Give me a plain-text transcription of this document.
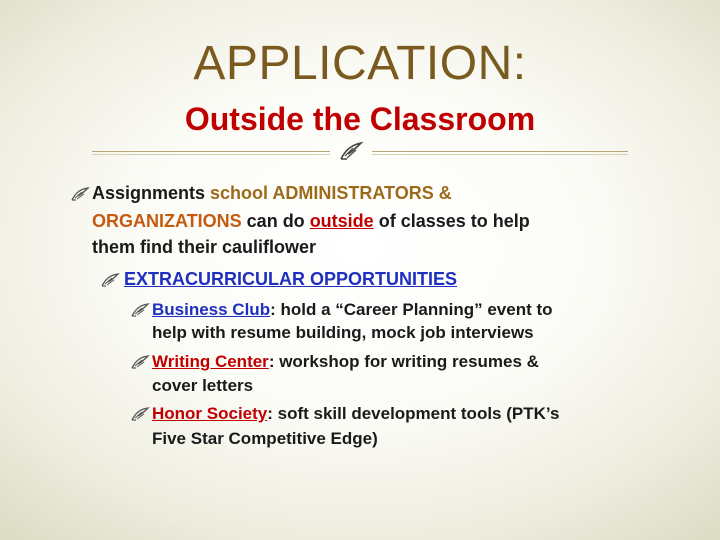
APPLICATION:
Outside the Classroom
Assignments school ADMINISTRATORS &
ORGANIZATIONS can do outside of classes to help
them find their cauliflower
EXTRACURRICULAR OPPORTUNITIES
Business Club: hold a “Career Planning” event to
help with resume building, mock job interviews
Writing Center: workshop for writing resumes &
cover letters
Honor Society: soft skill development tools (PTK’s
Five Star Competitive Edge)
